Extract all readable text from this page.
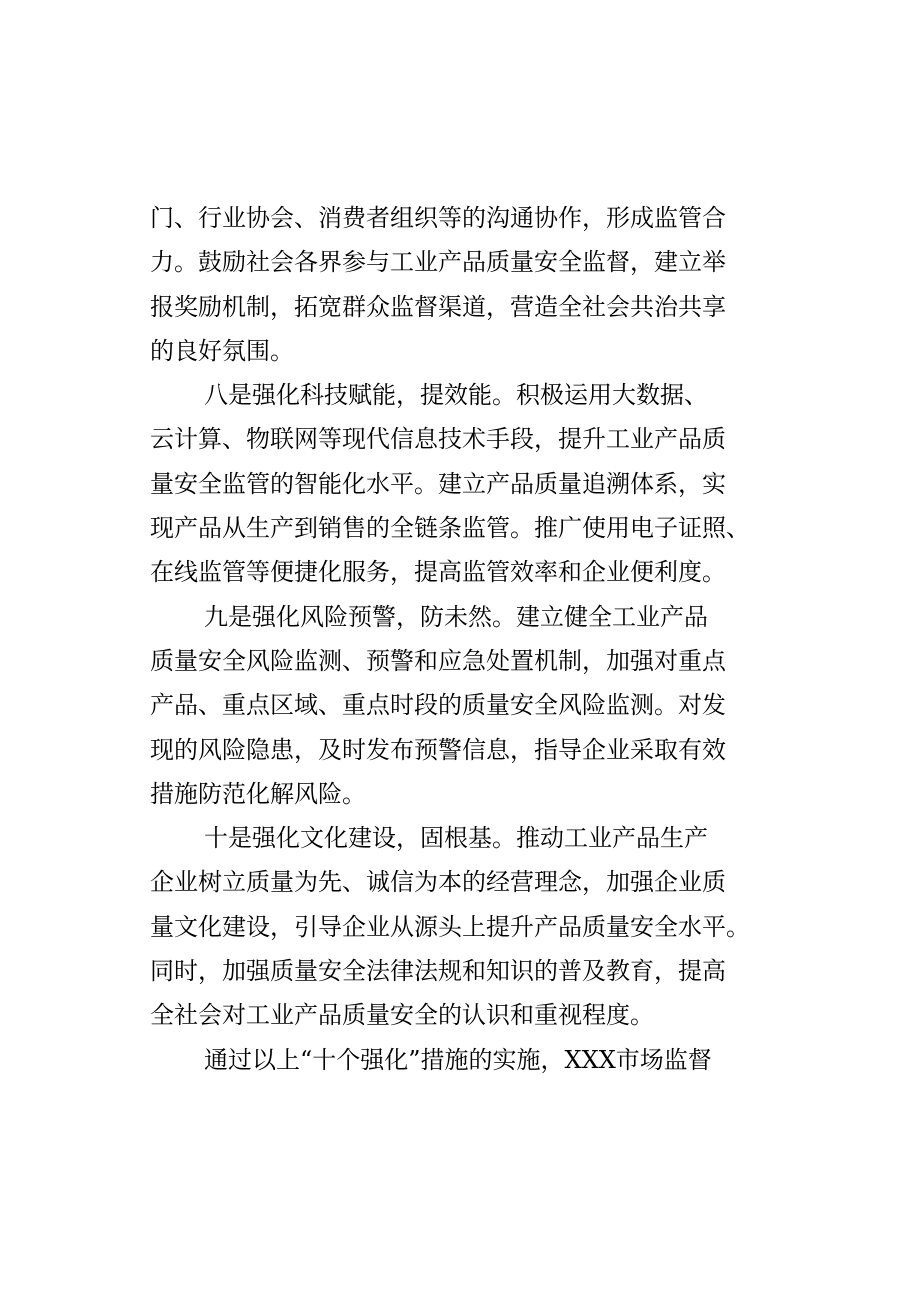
门、行业协会、消费者组织等的沟通协作，形成监管合
力。鼓励社会各界参与工业产品质量安全监督，建立举
报奖励机制，拓宽群众监督渠道，营造全社会共治共享
的良好氛围。
八是强化科技赋能，提效能。积极运用大数据、
云计算、物联网等现代信息技术手段，提升工业产品质
量安全监管的智能化水平。建立产品质量追溯体系，实
现产品从生产到销售的全链条监管。推广使用电子证照、
在线监管等便捷化服务，提高监管效率和企业便利度。
九是强化风险预警，防未然。建立健全工业产品
质量安全风险监测、预警和应急处置机制，加强对重点
产品、重点区域、重点时段的质量安全风险监测。对发
现的风险隐患，及时发布预警信息，指导企业采取有效
措施防范化解风险。
十是强化文化建设，固根基。推动工业产品生产
企业树立质量为先、诚信为本的经营理念，加强企业质
量文化建设，引导企业从源头上提升产品质量安全水平。
同时，加强质量安全法律法规和知识的普及教育，提高
全社会对工业产品质量安全的认识和重视程度。
通过以上“十个强化”措施的实施，XXX市场监督
